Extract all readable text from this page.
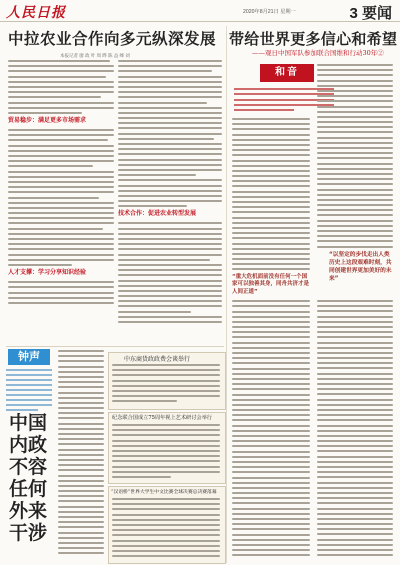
人民日报	2020年8月21日 星期一	3 要闻
中拉农业合作向多元纵深发展
本报记者 廖 政 叶 周 晔 陈 益 峰 刘
贸易稳步：满足更多市场需求
人才支撑：学习分享知识经验
技术合作：促进农业转型发展
钟声
中国内政不容任何外来干涉
中东商货政政费会谈举行
纪念联合国成立75周年视上艺术研讨会举行
“汉语桥”世界大学生中文比赛全球决赛总决赛落幕
带给世界更多信心和希望
——观日中国军队参加联合国维和行动30年②
和音
“重大危机面前没有任何一个国家可以独善其身，同舟共济才是人间正道”
“以坚定的步伐走出人类历史上这段艰难时刻，共同创建世界更加美好的未来”
